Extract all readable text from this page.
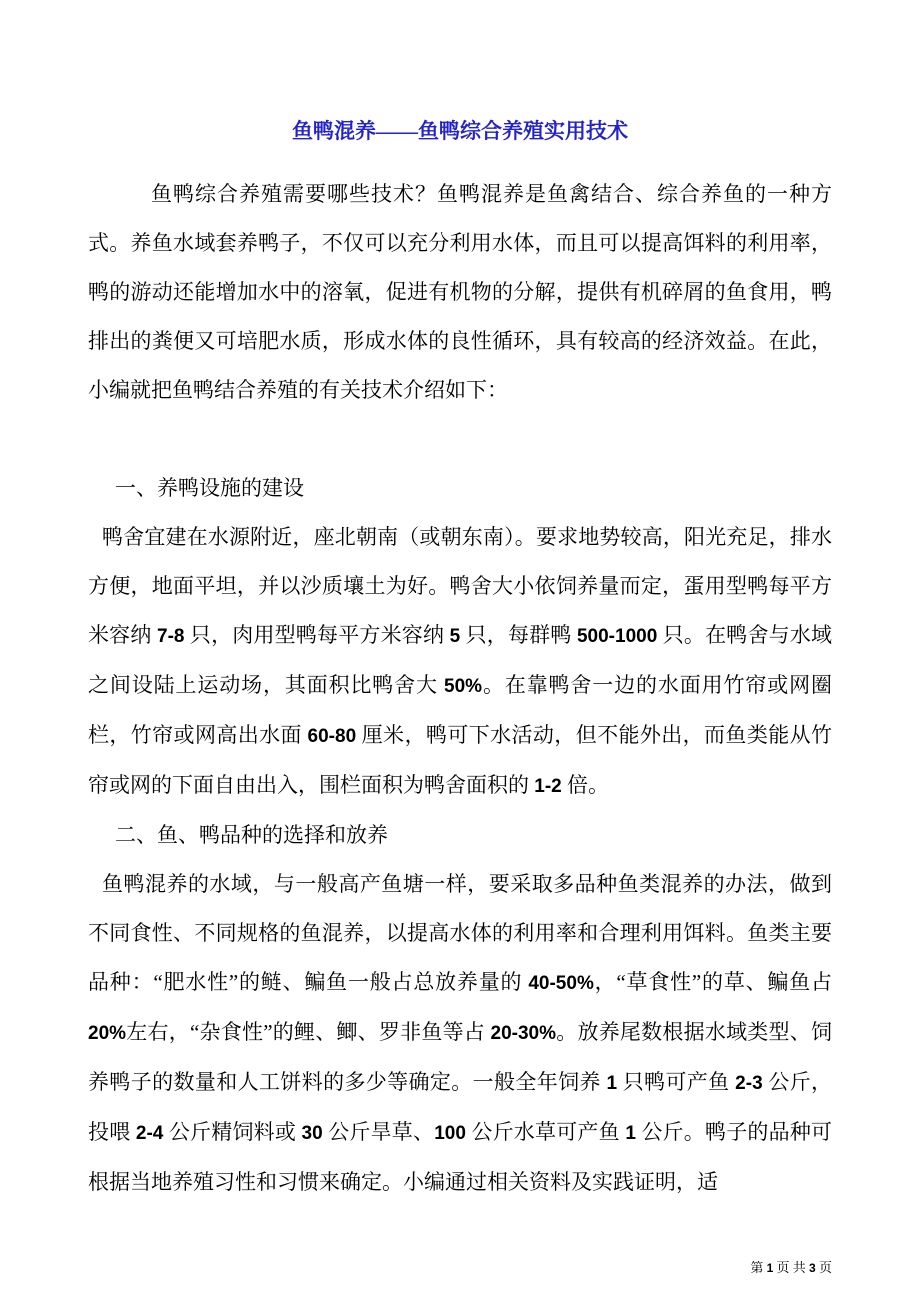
鱼鸭混养——鱼鸭综合养殖实用技术

鱼鸭综合养殖需要哪些技术？鱼鸭混养是鱼禽结合、综合养鱼的一种方式。养鱼水域套养鸭子，不仅可以充分利用水体，而且可以提高饵料的利用率，鸭的游动还能增加水中的溶氧，促进有机物的分解，提供有机碎屑的鱼食用，鸭排出的粪便又可培肥水质，形成水体的良性循环，具有较高的经济效益。在此，小编就把鱼鸭结合养殖的有关技术介绍如下：

一、养鸭设施的建设

鸭舍宜建在水源附近，座北朝南（或朝东南）。要求地势较高，阳光充足，排水方便，地面平坦，并以沙质壤土为好。鸭舍大小依饲养量而定，蛋用型鸭每平方米容纳 7-8 只，肉用型鸭每平方米容纳 5 只，每群鸭 500-1000 只。在鸭舍与水域之间设陆上运动场，其面积比鸭舍大 50%。在靠鸭舍一边的水面用竹帘或网圈栏，竹帘或网高出水面 60-80 厘米，鸭可下水活动，但不能外出，而鱼类能从竹帘或网的下面自由出入，围栏面积为鸭舍面积的 1-2 倍。

二、鱼、鸭品种的选择和放养

鱼鸭混养的水域，与一般高产鱼塘一样，要采取多品种鱼类混养的办法，做到不同食性、不同规格的鱼混养，以提高水体的利用率和合理利用饵料。鱼类主要品种：“肥水性”的鲢、鳊鱼一般占总放养量的 40-50%，“草食性”的草、鳊鱼占 20%左右，“杂食性”的鲤、鲫、罗非鱼等占 20-30%。放养尾数根据水域类型、饲养鸭子的数量和人工饼料的多少等确定。一般全年饲养 1 只鸭可产鱼 2-3 公斤，投喂 2-4 公斤精饲料或 30 公斤旱草、100 公斤水草可产鱼 1 公斤。鸭子的品种可根据当地养殖习性和习惯来确定。小编通过相关资料及实践证明，适

第 1 页 共 3 页
